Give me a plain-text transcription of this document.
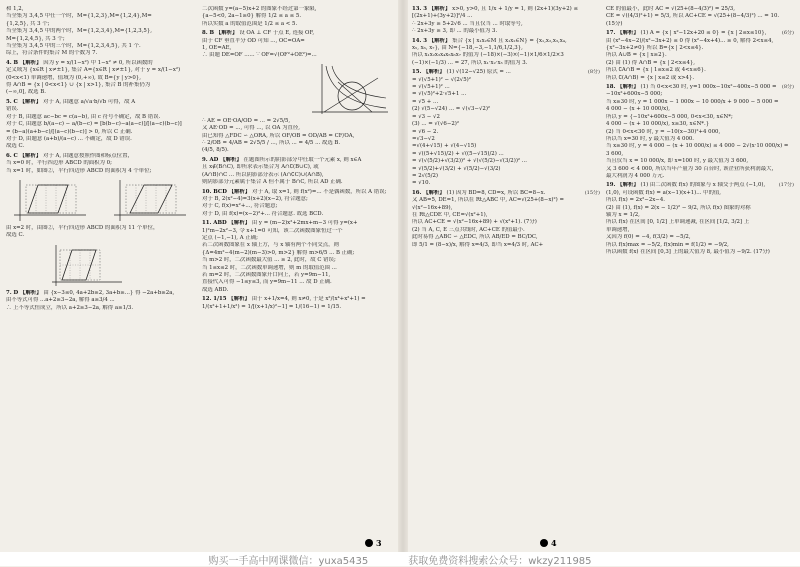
和 1,2,
当全集为 3,4,5 中任一个时，M={1,2,3},M={1,2,4},M=
{1,2,5}, 共 3 个;
当全集为 3,4,5 中的两个时，M={1,2,3,4},M={1,2,3,5},
M={1,2,4,5}, 共 3 个;
当全集为 3,4,5 中的三个时，M={1,2,3,4,5}, 共 1 个.
综上，符合条件的集合 M 的个数为 7.
4. B 【解析】 因为 y = x/(1−x²) 中 1−x² ≠ 0, 所以函数的
定义域为 {x∈R | x≠±1}, 集合 A={x∈R | x≠±1}, 对于 y = x/(1−x²)
(0<x<1) 单调递增，值域为 (0,+∞), 故 B={y | y>0},
得 A∩B = {x | 0<x<1} ∪ {x | x>1}, 集合 B 的补集仍为
(−∞,0], 故选 B.
5. C 【解析】 对于 A, 由题意 a/√a·b/√b 可得，故 A
错误.
对于 B, 由题意 ac−bc = c(a−b), 由 c 符号不确定，故 B 错误.
对于 C, 由题意 b/(a−c) − a/(b−c) = [b(b−c)−a(a−c)]/[(a−c)(b−c)]
= (b−a)(a+b−c)/[(a−c)(b−c)] > 0, 所以 C 正确.
对于 D, 由题意 (a+b)/(a−c) ... 不确定，故 D 错误.
故选 C.
6. C 【解析】 对于 A, 由题意按照作图和标点位置，
当 x=0 时，平行四边形 ABCD 的面积为 0;
当 x=1 时，如图②，平行四边形 ABCD 的面积为 4 个单位;
由 x=2 时，由图②，平行四边形 ABCD 的面积为 11 个单位，
故选 C.
7. D 【解析】 由 {x−3≤0, 4a+2b≥2, 3a+b≥...} 得 −2a+b≥2a,
由不等式可得 ...a+2≥3−2a, 解得 a≥3/4 ...
∴ 上不等式恒成立，所以 a+2≥3−2a, 解得 a≥1/3.
二次函数 y=(a−5)x+2 的图象不经过第一象限,
{a−5<0, 2a−1≥0} 解得 1/2 ≤ a ≤ 5.
所以实数 a 的取值范围是 1/2 ≤ a < 5.
8. B 【解析】 设 OA ⊥ CF 于点 E, 连接 OF,
由于 CF 垂直平分 OD 可知 ..., OC=OA=
1, OE=AE,
∴ 由题 DE=OF ...... ∵ OF=√(OF²+OE²)=...
∴ AE = OE·OA/OD = ... = 2√5/5,
又 AE·OD = ..., 可得 ..., 以 OA 为直径,
由已知得 △FDC ∽ △ORA, 所以 OF/OB = OD/AB = CF/OA,
∴ 2/OB = 4/AB = 2√5/5 / ..., 所以 ... = 4/5 ... 故选 B.
(4/5, 8/5).
9. AD 【解析】 在题图所示的阴影部分中任取一个元素 x, 则 x∈A
且 x∉(B∩C), 即所求表示集合为 A∩∁(B∪C), 或
(A∩B)∩C ... 所以阴影部分表示 (A∩∁C)∪(A∩B),
则阴影部分元素属于集合 A 但不属于 B∩C, 所以 AD 正确.
10. BCD 【解析】 对于 A, 取 x=1, 则 f(x²)=... 不是偶函数，所以 A 错误;
对于 B, 2(x²−4)=3(x+2)(x−2), 符合题意;
对于 C, f(x)=x²+..., 符合题意;
对于 D, 由 f(x)=(x−2)²+... 符合题意. 故选 BCD.
11. ABD 【解析】 由 y = (m−2)x²+2mx+m−3 可得 y=(x+
1)²m−2x²−3, 令 x+1=0 可知，该二次函数图象恒过一个
定点 (−1,−1), A 正确;
若二次函数图象在 x 轴上方，与 x 轴有两个不同交点，则
{Δ=4m²−4(m−2)(m−3)>0, m>2} 解得 m>6/5 ... B 正确;
当 m>2 时，二次函数最大值 ... ≥ 2, 此时，故 C 错误;
当 1≤x≤2 时，二次函数单调递增，则 m 的取值范围 ...
若 m=2 时，二次函数图象开口向上，若 y=9m−11,
直接代入可得 −1≤y≤3, 而 y=9m−11 ... 故 D 正确.
故选 ABD.
12. 1/15 【解析】 由于 x+1/x=4, 则 x≠0, 于是 x²/(x⁴+x²+1) =
1/(x²+1+1/x²) = 1/[(x+1/x)²−1] = 1/(16−1) = 1/15.
13. 3 【解析】 x>0, y>0, 且 1/x + 1/y = 1, 则 (2x+1)(3y+2) ≤
[(2x+1)+(3y+2)]²/4 ...
∴ 2x+3y ≥ 5+2√6 ... 当且仅当 ... 时取等号,
∴ 2x+3y ≥ 3, 即 ... 的最小值为 3.
14. 3 【解析】 集合 {x | x₁x₂∈M 且 x₁x₂∈N} = {x₁,x₂,x₃,x₄,
x₅, x₆, x₇}, 由 N={−18,−3,−1,1/6,1/2,3},
所以 x₁x₂x₃x₄x₅x₆x₇ 的值为 (−18)×(−3)×(−1)×1/6×1/2×3
(−1)×(−1/3) ... = 27, 所以 x₁·x₂·x₃ 的值为 3.
15. 【解析】 (1) √(12−√25) 原式 = ...	(8分)
= √(√5+1)² − √(2√5)²
= √(√5+1)² ...
= √(√5)²+2·√5+1 ...
= √5 + ...
(2) √(5−√24) ... = √(√3−√2)²
= √3 − √2
(3) ... = √(√6−2)²
= √6 − 2.
=√3−√2
=√(4+√15) + √(4−√15)
= √((5+√15)/2) + √((5−√15)/2) ...
= √(√(5/2)+√(3/2))² + √(√(5/2)−√(3/2))² ...
= √(5/2)+√(3/2) + √(5/2)−√(3/2)
= 2√(5/2)
= √10.
16. 【解析】 (1) 因为 BD=8, CD=x, 所以 BC=8−x.	(15分)
又 AB=5, DE=1, 所以在 Rt△ABC 中, AC=√(25+(8−x)²) =
√(x²−16x+89),
在 Rt△CDE 中, CE=√(x²+1),
所以 AC+CE = √(x²−16x+89) + √(x²+1). (7分)
(2) 当 A, C, E 三点共线时, AC+CE 的值最小.
此时易得 △ABC ∽ △EDC, 所以 AB/ED = BC/DC,
即 5/1 = (8−x)/x, 解得 x=4/3, 即当 x=4/3 时, AC+
CE 的值最小，此时 AC = √(25+(8−4/3)²) = 25/3,
CE = √((4/3)²+1) = 5/3, 所以 AC+CE = √(25+(8−4/3)²) ... = 10.
(15分)
17. 【解析】 (1) A = {x | x²−12x+20 ≤ 0} = {x | 2≤x≤10},	(6分)
由 (x²−4x−2)/(x²−3x+2) ≤ 0 得 (x²−4x+4)... ≥ 0, 解得 2<x≤4,
{x²−3x+2≠0} 所以 B={x | 2<x≤4}.
所以 A∪B = {x | x≥2}.
(2) 由 (1) 得 A∩B = {x | 2<x≤4},
所以 ∁A∩B = {x | 1≤x≤2 或 4<x≤6}.
所以 ∁(A∩B) = {x | x≤2 或 x>4}.
18. 【解析】 (1) 当 0<x<30 时, y=1 000x−10x²−400x−5 000 = (8分)
−10x²+600x−5 000;
当 x≥30 时, y = 1 000x − 1 000x − 10 000/x + 9 000 − 5 000 =
4 000 − (x + 10 000/x),
所以 y = {−10x²+600x−5 000, 0<x<30, x∈N*;
4 000 − (x + 10 000/x), x≥30, x∈N*.}
(2) 当 0<x<30 时, y = −10(x−30)²+4 000,
所以当 x=30 时, y 最大值为 4 000.
当 x≥30 时, y = 4 000 − (x + 10 000/x) ≤ 4 000 − 2√(x·10 000/x) =
3 600,
当且仅当 x = 10 000/x, 即 x=100 时, y 最大值为 3 600,
又 3 600 < 4 000, 所以当年产量为 30 百台时, 该企业所获利润最大，
最大利润为 4 000 万元.
19. 【解析】 (1) 由二次函数 f(x) 的图象与 x 轴交于两点 (−1,0),	(17分)
(1,0), 可设函数 f(x) = a(x−1)(x+1)... 中的值,
所以 f(x) = 2x²−2x−4.
(2) 由 (1), f(x) = 2(x − 1/2)² − 9/2, 所以 f(x) 图象的对称
轴为 x = 1/2,
所以 f(x) 在区间 [0, 1/2] 上单调递减, 在区间 [1/2, 3/2] 上
单调递增,
又因为 f(0) = −4, f(3/2) = −5/2,
所以 f(x)max = −5/2, f(x)min = f(1/2) = −9/2,
所以函数 f(x) 在区间 [0,3] 上的最大值为 8, 最小值为 −9/2. (17分)
3	4
购买一手高中网课微信：yuxa5435	获取免费资料搜索公众号：wkzy211985
